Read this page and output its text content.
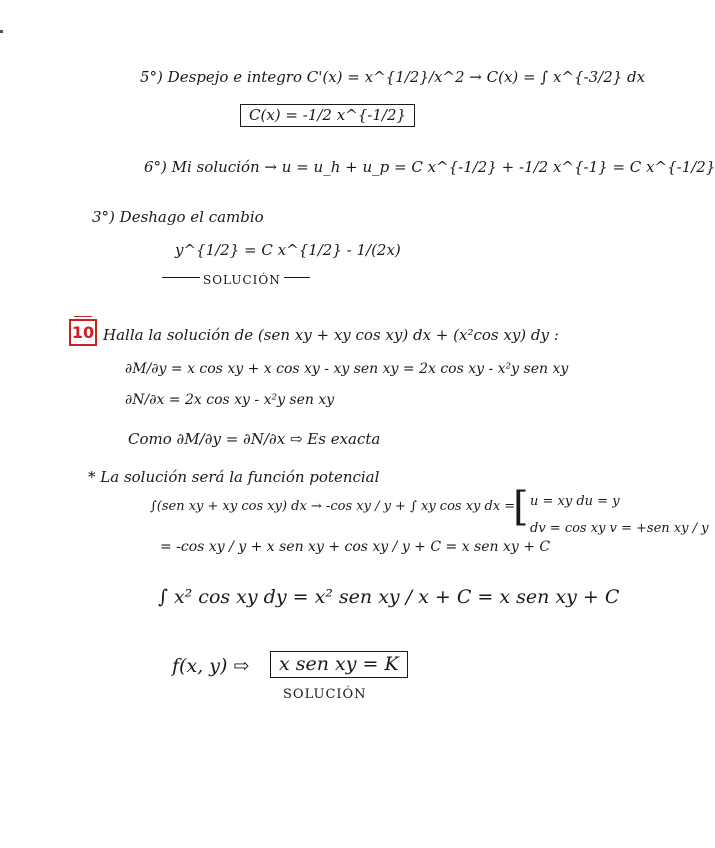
5°) Despejo e integro C'(x) = x^{1/2}/x^2 → C(x) = ∫ x^{-3/2} dx
C(x) = -1/2 x^{-1/2}
6°) Mi solución → u = u_h + u_p = C x^{-1/2} + -1/2 x^{-1} = C x^{-1/2}
3°) Deshago el cambio
y^{1/2} = C x^{1/2} - 1/(2x)
SOLUCIÓN
10 Halla la solución de (sen xy + xy cos xy) dx + (x²cos xy) dy :
∂M/∂y = x cos xy + x cos xy - xy sen xy = 2x cos xy - x²y sen xy
∂N/∂x = 2x cos xy - x²y sen xy
Como ∂M/∂y = ∂N/∂x ⇨ Es exacta
* La solución será la función potencial
∫(sen xy + xy cos xy) dx → -cos xy / y + ∫ xy cos xy dx =
[ u = xy du = y
dv = cos xy v = +sen xy / y
= -cos xy / y + x sen xy + cos xy / y + C = x sen xy + C
∫ x² cos xy dy = x² sen xy / x + C = x sen xy + C
f(x, y) ⇨	x sen xy = K
SOLUCIÓN
